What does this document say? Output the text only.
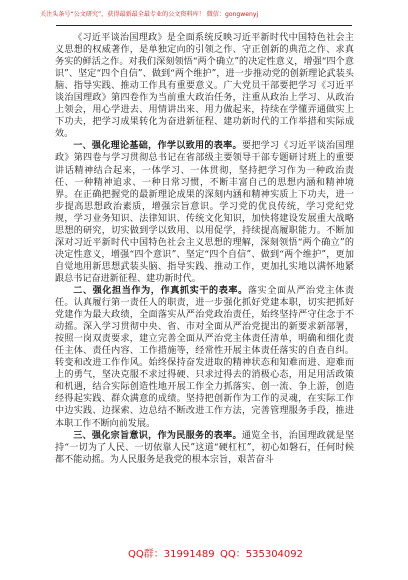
关注头条号“公文研究”，获得最新最全最专业的公文资料库！ 微信：gongwenyj

《习近平谈治国理政》是全面系统反映习近平新时代中国特色社会主义思想的权威著作，是单独定向的引领之作、守正创新的典范之作、求真务实的鲜活之作。对我们深刻领悟“两个确立”的决定性意义，增强“四个意识”、坚定“四个自信”、做到“两个维护”，进一步推动党的创新理论武装头脑、指导实践、推动工作具有重要意义。广大党员干部要把学习《习近平谈治国理政》第四卷作为当前重大政治任务，注重从政治上学习、从政治上领会，用心学进去、用情讲出来、用力做起来，持续在学懂弄通做实上下功夫，把学习成果转化为奋进新征程、建功新时代的工作举措和实际成效。

一、强化理论基础，作学以致用的表率。要把学习《习近平谈治国理政》第四卷与学习贯彻总书记在省部级主要领导干部专题研讨班上的重要讲话精神结合起来，一体学习、一体贯彻，坚持把学习作为一种政治责任、一种精神追求、一种日常习惯，不断丰富自己的思想内涵和精神境界。在正确把握党的最新理论成果的深刻内涵和精神实质上下功夫，进一步提高思想政治素质，增强宗旨意识。学习党的优良传统，学习党纪党规，学习业务知识、法律知识、传统文化知识，加快将建设发展重大战略思想的研究，切实做到学以致用、以用促学，持续提高履职能力。不断加深对习近平新时代中国特色社会主义思想的理解，深刻领悟“两个确立”的决定性意义，增强“四个意识”、坚定“四个自信”、做到“两个维护”，更加自觉地用新思想武装头脑、指导实践、推动工作，更加扎实地以满怀地紧跟总书记奋进新征程、建功新时代。

二、强化担当作为，作真抓实干的表率。落实全面从严治党主体责任。认真履行第一责任人的职责，进一步强化抓好党建本职，切实把抓好党建作为最大政绩，全面落实从严治党政治责任，始终坚持严守住念于不动摇。深入学习贯彻中央、省、市对全面从严治党提出的新要求新部署，按照一岗双责要求，建立完善全面从严治党主体责任清单，明确和细化责任主体、责任内容、工作措施等，经常性开展主体责任落实的自查自纠。转变和改进工作作风。始终保持奋发进取的精神状态和知难而进、迎难而上的勇气，坚决克服不求过得硬、只求过得去的消极心态，用足用活政策和机遇，结合实际创造性地开展工作全力抓落实、创一流、争上游，创造经得起实践、群众满意的成绩。坚持把创新作为工作的灵魂，在实际工作中边实践、边探索、边总结不断改进工作方法，完善管理服务手段，推进本职工作不断向前发展。

三、强化宗旨意识，作为民服务的表率。通览全书，治国理政就是坚持“一切为了人民、一切依靠人民”这道“硬杠杠”，初心如磐石，任何时候都不能动摇。为人民服务是我党的根本宗旨，艰苦奋斗

QQ群：31991489 QQ：535304092
